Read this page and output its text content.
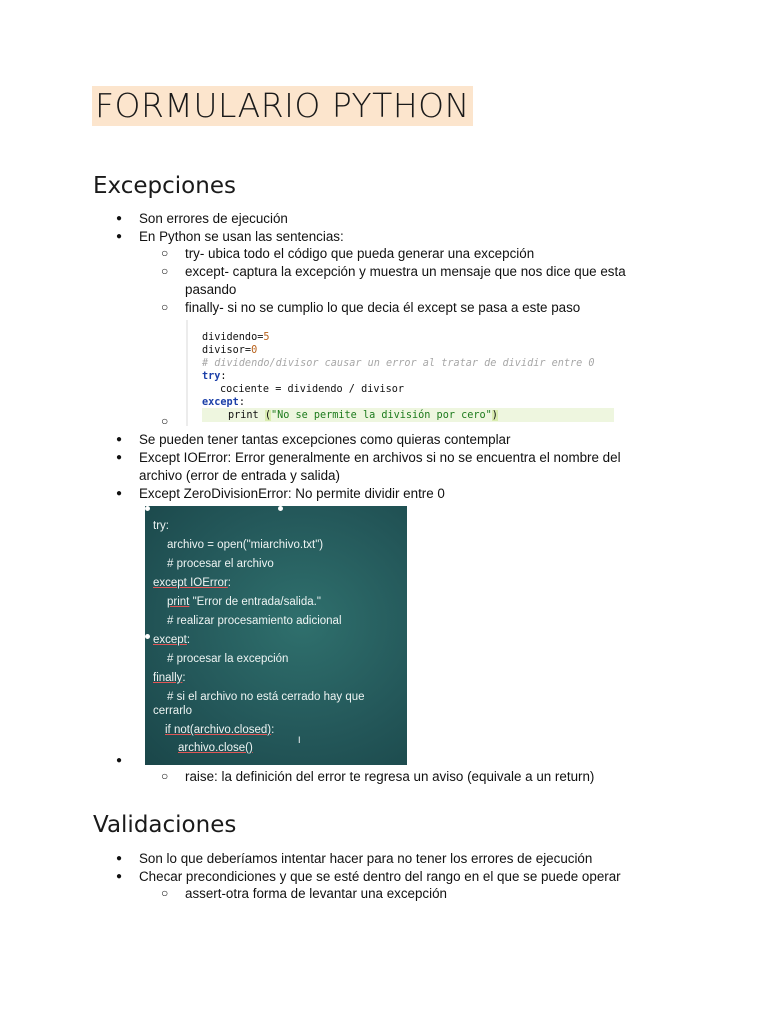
FORMULARIO PYTHON
Excepciones
● Son errores de ejecución

● En Python se usan las sentencias:

○ try- ubica todo el código que pueda generar una excepción

○ except- captura la excepción y muestra un mensaje que nos dice que esta

pasando

○ finally- si no se cumplio lo que decia él except se pasa a este paso

○
dividendo=5
divisor=0
# dividendo/divisor causar un error al tratar de dividir entre 0
try:
cociente = dividendo / divisor
except:
print ("No se permite la división por cero")
● Se pueden tener tantas excepciones como quieras contemplar

● Except IOError: Error generalmente en archivos si no se encuentra el nombre del

archivo (error de entrada y salida)

● Except ZeroDivisionError: No permite dividir entre 0

try:
archivo = open("miarchivo.txt")
# procesar el archivo
except IOError:
print "Error de entrada/salida."
# realizar procesamiento adicional
except:
# procesar la excepción
finally:
# si el archivo no está cerrado hay que
cerrarlo
if not(archivo.closed):
archivo.close()
I
●
○ raise: la definición del error te regresa un aviso (equivale a un return)

Validaciones
● Son lo que deberíamos intentar hacer para no tener los errores de ejecución

● Checar precondiciones y que se esté dentro del rango en el que se puede operar

○ assert-otra forma de levantar una excepción
